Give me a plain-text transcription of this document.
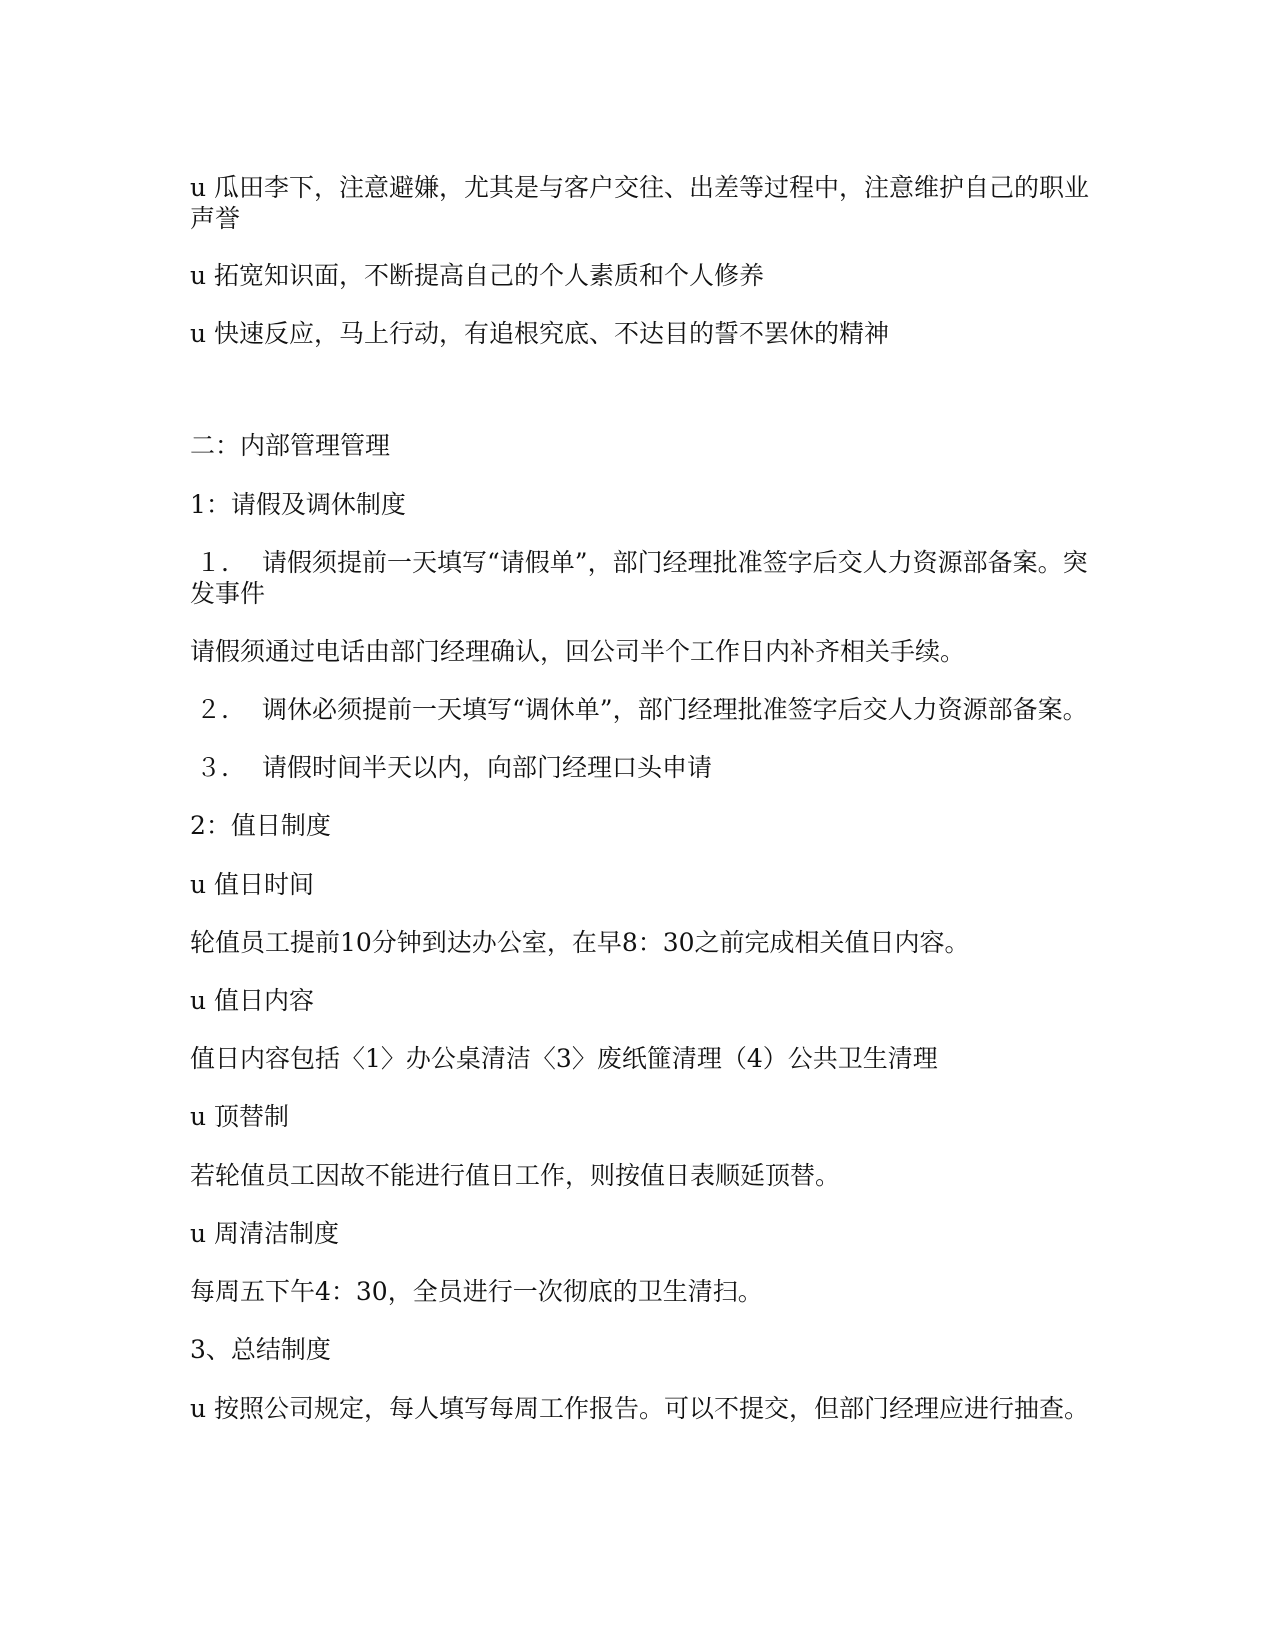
u 瓜田李下，注意避嫌，尤其是与客户交往、出差等过程中，注意维护自己的职业声誉
u 拓宽知识面，不断提高自己的个人素质和个人修养
u 快速反应，马上行动，有追根究底、不达目的誓不罢休的精神
二：内部管理管理
1：请假及调休制度
１. 请假须提前一天填写“请假单”，部门经理批准签字后交人力资源部备案。突发事件
请假须通过电话由部门经理确认，回公司半个工作日内补齐相关手续。
２. 调休必须提前一天填写“调休单”，部门经理批准签字后交人力资源部备案。
３. 请假时间半天以内，向部门经理口头申请
2：值日制度
u 值日时间
轮值员工提前10分钟到达办公室，在早8：30之前完成相关值日内容。
u 值日内容
值日内容包括〈1〉办公桌清洁〈3〉废纸篚清理（4）公共卫生清理
u 顶替制
若轮值员工因故不能进行值日工作，则按值日表顺延顶替。
u 周清洁制度
每周五下午4：30，全员进行一次彻底的卫生清扫。
3、总结制度
u 按照公司规定，每人填写每周工作报告。可以不提交，但部门经理应进行抽查。
